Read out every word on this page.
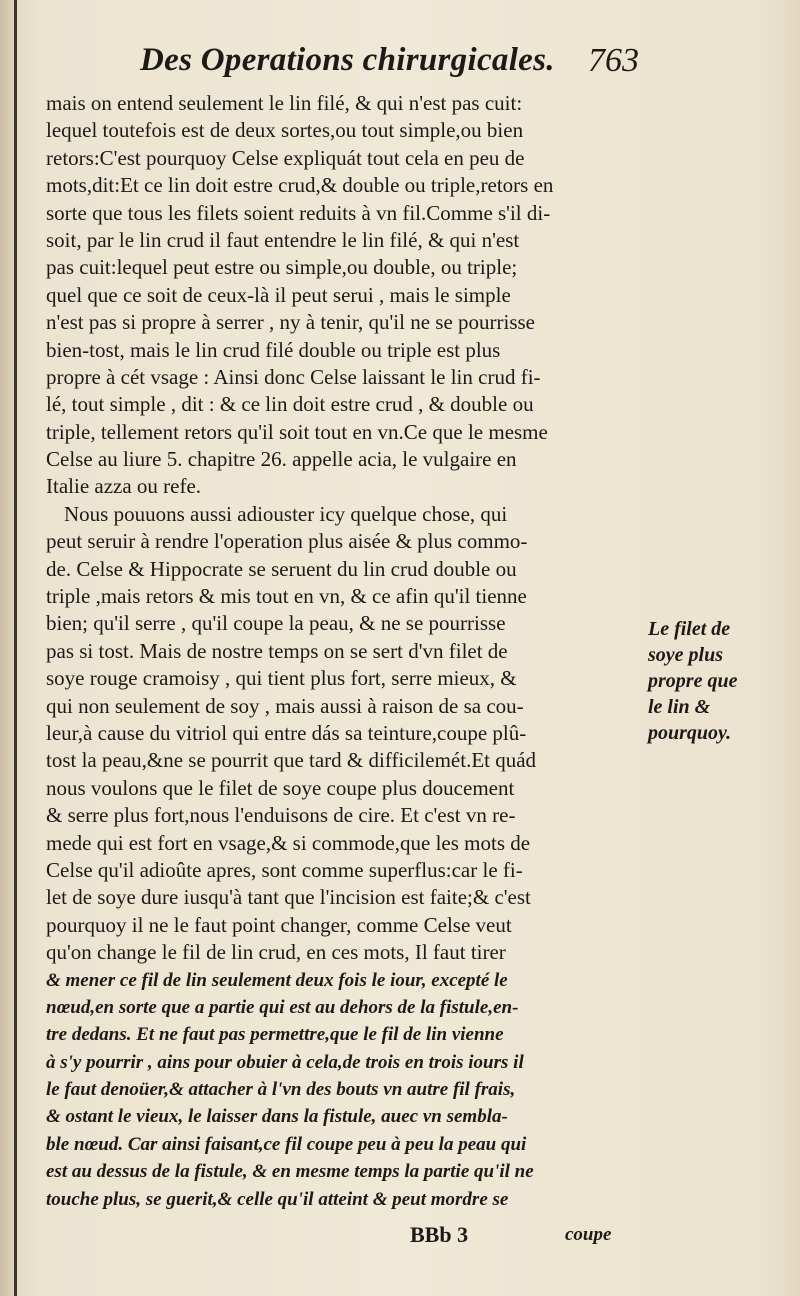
Des Operations chirurgicales. 763
mais on entend seulement le lin filé, & qui n'est pas cuit:
lequel toutefois est de deux sortes,ou tout simple,ou bien
retors:C'est pourquoy Celse expliquát tout cela en peu de
mots,dit:Et ce lin doit estre crud,& double ou triple,retors en
sorte que tous les filets soient reduits à vn fil.Comme s'il di-
soit, par le lin crud il faut entendre le lin filé, & qui n'est
pas cuit:lequel peut estre ou simple,ou double, ou triple;
quel que ce soit de ceux-là il peut serui , mais le simple
n'est pas si propre à serrer , ny à tenir, qu'il ne se pourrisse
bien-tost, mais le lin crud filé double ou triple est plus
propre à cét vsage : Ainsi donc Celse laissant le lin crud fi-
lé, tout simple , dit : & ce lin doit estre crud , & double ou
triple, tellement retors qu'il soit tout en vn.Ce que le mesme
Celse au liure 5. chapitre 26. appelle acia, le vulgaire en
Italie azza ou refe.
Nous pouuons aussi adiouster icy quelque chose, qui
peut seruir à rendre l'operation plus aisée & plus commo-
de. Celse & Hippocrate se seruent du lin crud double ou
triple ,mais retors & mis tout en vn, & ce afin qu'il tienne
bien; qu'il serre , qu'il coupe la peau, & ne se pourrisse
pas si tost. Mais de nostre temps on se sert d'vn filet de
soye rouge cramoisy , qui tient plus fort, serre mieux, &
qui non seulement de soy , mais aussi à raison de sa cou-
leur,à cause du vitriol qui entre dás sa teinture,coupe plû-
tost la peau,&ne se pourrit que tard & difficilemét.Et quád
nous voulons que le filet de soye coupe plus doucement
& serre plus fort,nous l'enduisons de cire. Et c'est vn re-
mede qui est fort en vsage,& si commode,que les mots de
Celse qu'il adioûte apres, sont comme superflus:car le fi-
let de soye dure iusqu'à tant que l'incision est faite;& c'est
pourquoy il ne le faut point changer, comme Celse veut
qu'on change le fil de lin crud, en ces mots, Il faut tirer
& mener ce fil de lin seulement deux fois le iour, excepté le
nœud,en sorte que a partie qui est au dehors de la fistule,en-
tre dedans. Et ne faut pas permettre,que le fil de lin vienne
à s'y pourrir , ains pour obuier à cela,de trois en trois iours il
le faut denoüer,& attacher à l'vn des bouts vn autre fil frais,
& ostant le vieux, le laisser dans la fistule, auec vn sembla-
ble nœud. Car ainsi faisant,ce fil coupe peu à peu la peau qui
est au dessus de la fistule, & en mesme temps la partie qu'il ne
touche plus, se guerit,& celle qu'il atteint & peut mordre se
Le filet de
soye plus
propre que
le lin &
pourquoy.
BBb 3	coupe
